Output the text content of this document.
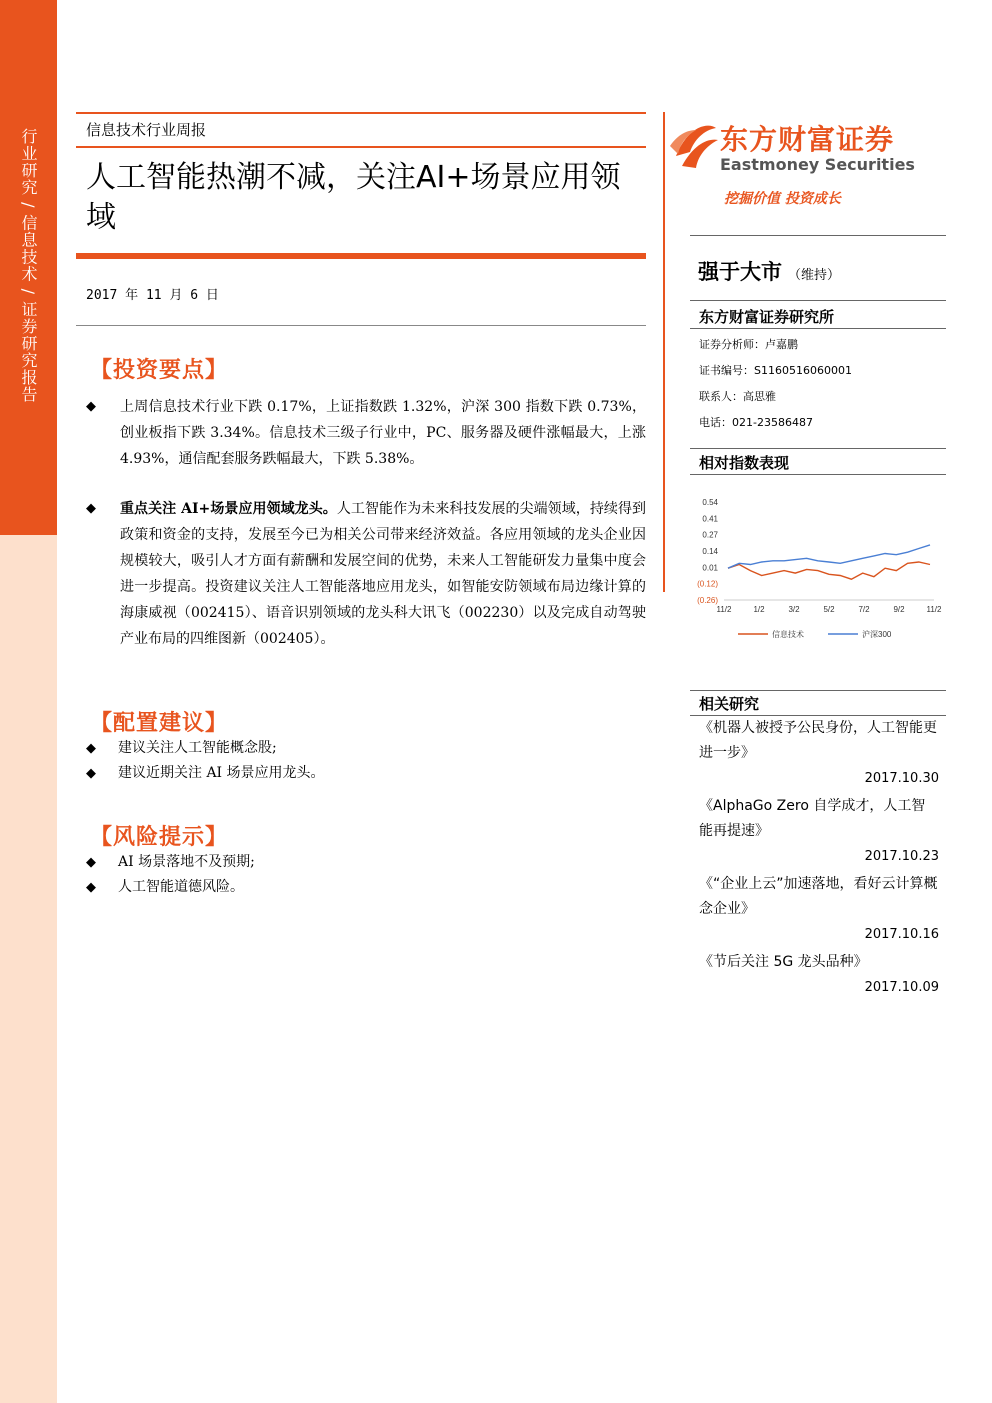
行业研究 / 信息技术 / 证券研究报告	信息技术行业周报
人工智能热潮不减，关注AI+场景应用领域
2017 年 11 月 6 日
【投资要点】
◆ 上周信息技术行业下跌 0.17%，上证指数跌 1.32%，沪深 300 指数下跌 0.73%，创业板指下跌 3.34%。信息技术三级子行业中，PC、服务器及硬件涨幅最大，上涨 4.93%，通信配套服务跌幅最大，下跌 5.38%。
◆ 重点关注 AI+场景应用领域龙头。人工智能作为未来科技发展的尖端领域，持续得到政策和资金的支持，发展至今已为相关公司带来经济效益。各应用领域的龙头企业因规模较大，吸引人才方面有薪酬和发展空间的优势，未来人工智能研发力量集中度会进一步提高。投资建议关注人工智能落地应用龙头，如智能安防领域布局边缘计算的海康威视（002415）、语音识别领域的龙头科大讯飞（002230）以及完成自动驾驶产业布局的四维图新（002405）。
【配置建议】
◆ 建议关注人工智能概念股;
◆ 建议近期关注 AI 场景应用龙头。
【风险提示】
◆ AI 场景落地不及预期;
◆ 人工智能道德风险。
东方财富证券
Eastmoney Securities
挖掘价值 投资成长
强于大市 （维持）
东方财富证券研究所
证券分析师：卢嘉鹏
证书编号：S1160516060001
联系人：高思雅
电话：021-23586487
相对指数表现
0.54
0.41
0.27
0.14
0.01
(0.12)
(0.26)
11/2	1/2	3/2	5/2	7/2	9/2	11/2
信息技术	沪深300
相关研究
《机器人被授予公民身份，人工智能更进一步》
2017.10.30
《AlphaGo Zero 自学成才，人工智能再提速》
2017.10.23
《“企业上云”加速落地，看好云计算概念企业》
2017.10.16
《节后关注 5G 龙头品种》
2017.10.09
